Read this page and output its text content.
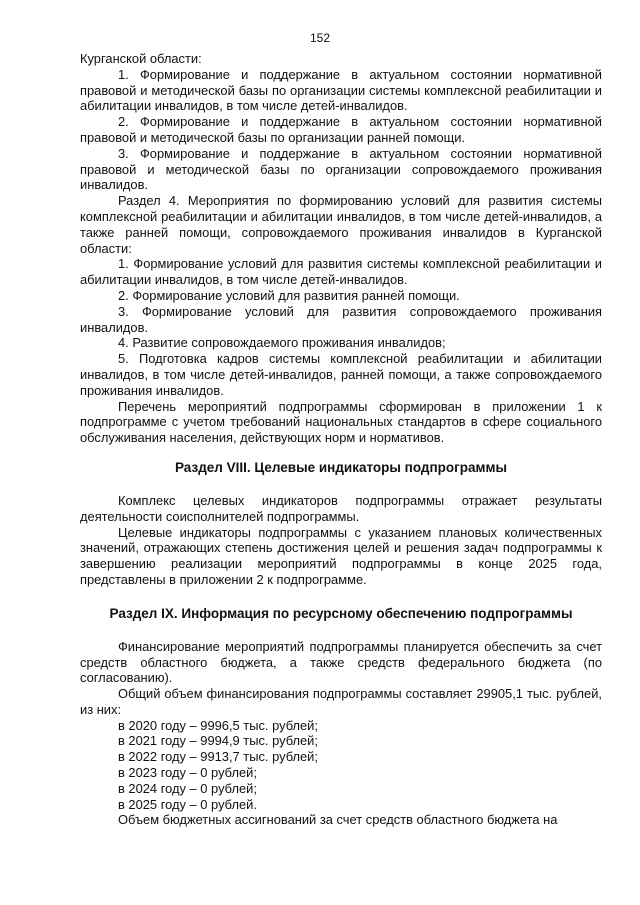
152

Курганской области:

1. Формирование и поддержание в актуальном состоянии нормативной правовой и методической базы по организации системы комплексной реабилитации и абилитации инвалидов, в том числе детей-инвалидов.

2. Формирование и поддержание в актуальном состоянии нормативной правовой и методической базы по организации ранней помощи.

3. Формирование и поддержание в актуальном состоянии нормативной правовой и методической базы по организации сопровождаемого проживания инвалидов.

Раздел 4. Мероприятия по формированию условий для развития системы комплексной реабилитации и абилитации инвалидов, в том числе детей-инвалидов, а также ранней помощи, сопровождаемого проживания инвалидов в Курганской области:

1. Формирование условий для развития системы комплексной реабилитации и абилитации инвалидов, в том числе детей-инвалидов.

2. Формирование условий для развития ранней помощи.

3. Формирование условий для развития сопровождаемого проживания инвалидов.

4. Развитие сопровождаемого проживания инвалидов;

5. Подготовка кадров системы комплексной реабилитации и абилитации инвалидов, в том числе детей-инвалидов, ранней помощи, а также сопровождаемого проживания инвалидов.

Перечень мероприятий подпрограммы сформирован в приложении 1 к подпрограмме с учетом требований национальных стандартов в сфере социального обслуживания населения, действующих норм и нормативов.

Раздел VIII. Целевые индикаторы подпрограммы

Комплекс целевых индикаторов подпрограммы отражает результаты деятельности соисполнителей подпрограммы.

Целевые индикаторы подпрограммы с указанием плановых количественных значений, отражающих степень достижения целей и решения задач подпрограммы к завершению реализации мероприятий подпрограммы в конце 2025 года, представлены в приложении 2 к подпрограмме.

Раздел IX. Информация по ресурсному обеспечению подпрограммы

Финансирование мероприятий подпрограммы планируется обеспечить за счет средств областного бюджета, а также средств федерального бюджета (по согласованию).

Общий объем финансирования подпрограммы составляет 29905,1 тыс. рублей, из них:

в 2020 году – 9996,5 тыс. рублей;

в 2021 году – 9994,9 тыс. рублей;

в 2022 году – 9913,7 тыс. рублей;

в 2023 году – 0 рублей;

в 2024 году – 0 рублей;

в 2025 году – 0 рублей.

Объем бюджетных ассигнований за счет средств областного бюджета на
